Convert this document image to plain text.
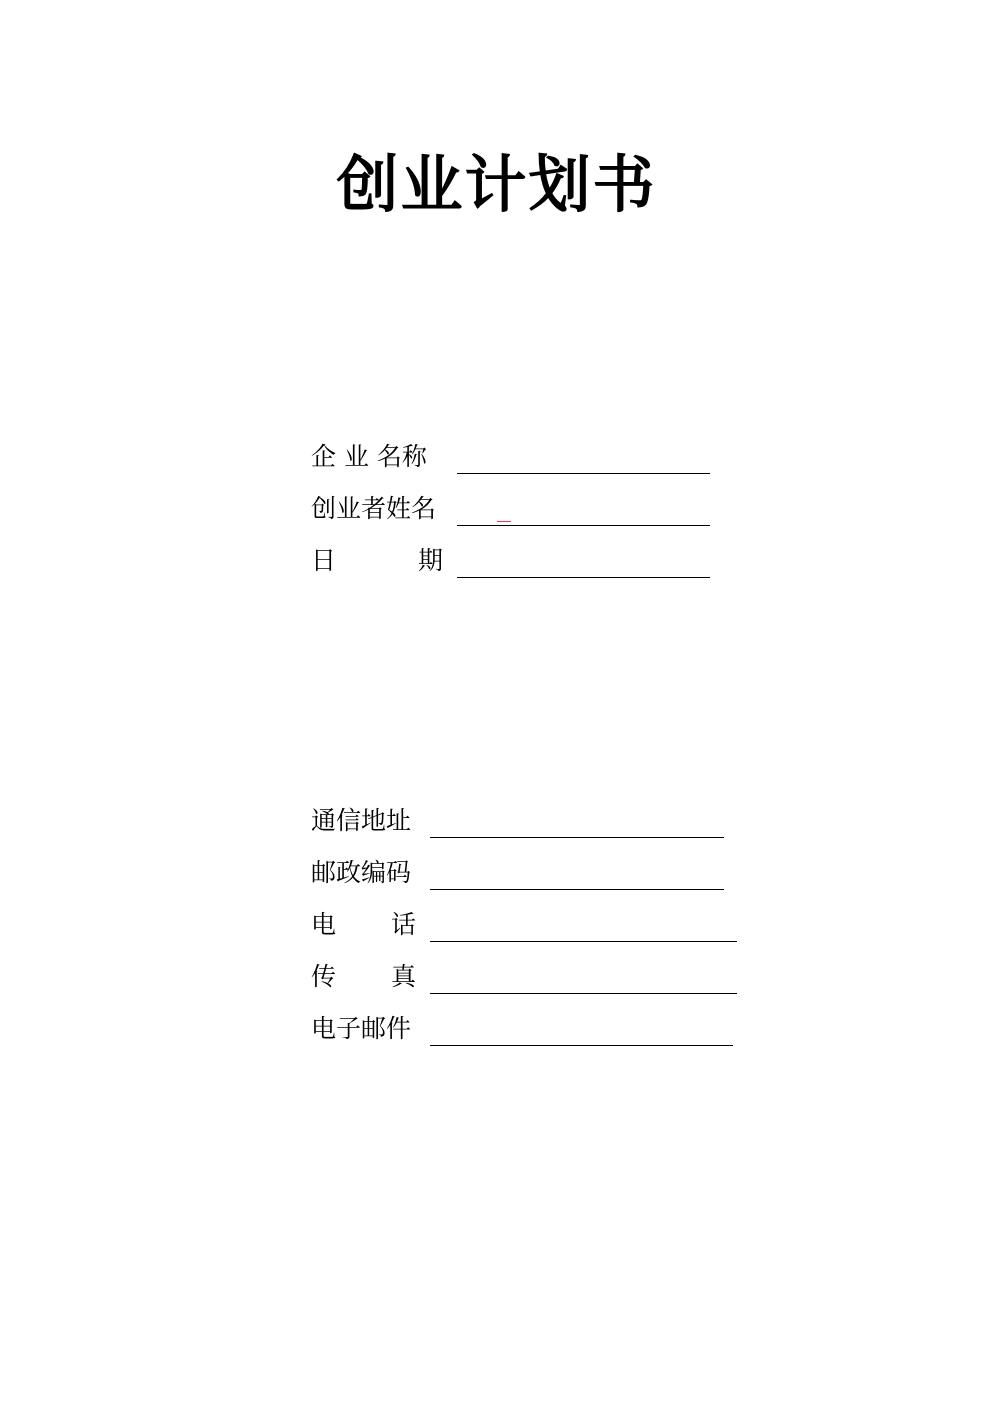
创业计划书
企 业 名称
创业者姓名
日	期
通信地址
邮政编码
电 话
传 真
电子邮件
